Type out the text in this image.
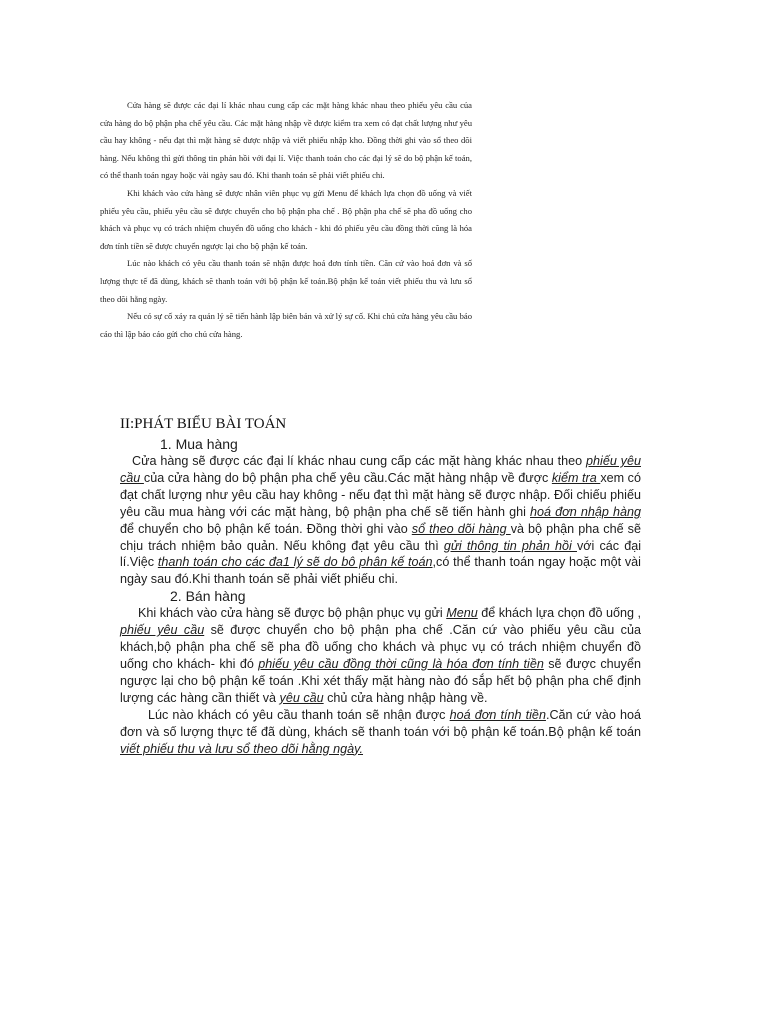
Cửa hàng sẽ được các đại lí khác nhau cung cấp các mặt hàng khác nhau theo phiếu yêu cầu của cửa hàng do bộ phận pha chế yêu cầu. Các mặt hàng nhập về được kiểm tra xem có đạt chất lượng như yêu cầu hay không - nếu đạt thì mặt hàng sẽ được nhập và viết phiếu nhập kho. Đồng thời ghi vào sổ theo dõi hàng. Nếu không thì gửi thông tin phản hồi với đại lí. Việc thanh toán cho các đại lý sẽ do bộ phận kế toán, có thể thanh toán ngay hoặc vài ngày sau đó. Khi thanh toán sẽ phải viết phiếu chi.

Khi khách vào cửa hàng sẽ được nhân viên phục vụ gửi Menu để khách lựa chọn đồ uống và viết phiếu yêu cầu, phiếu yêu cầu sẽ được chuyển cho bộ phận pha chế . Bộ phận pha chế sẽ pha đồ uống cho khách và phục vụ có trách nhiệm chuyển đồ uống cho khách - khi đó phiếu yêu cầu đồng thời cũng là hóa đơn tính tiền sẽ được chuyển ngược lại cho bộ phận kế toán.

Lúc nào khách có yêu cầu thanh toán sẽ nhận được hoá đơn tính tiền. Căn cứ vào hoá đơn và số lượng thực tế đã dùng, khách sẽ thanh toán với bộ phận kế toán.Bộ phận kế toán viết phiếu thu và lưu sổ theo dõi hằng ngày.

Nếu có sự cố xảy ra quản lý sẽ tiến hành lập biên bản và xử lý sự cố. Khi chủ cửa hàng yêu cầu báo cáo thì lập báo cáo gửi cho chủ cửa hàng.

II:PHÁT BIỂU BÀI TOÁN

1. Mua hàng

Cửa hàng sẽ được các đại lí khác nhau cung cấp các mặt hàng khác nhau theo phiếu yêu cầu của cửa hàng do bộ phận pha chế yêu cầu.Các mặt hàng nhập về được kiểm tra xem có đạt chất lượng như yêu cầu hay không - nếu đạt thì mặt hàng sẽ được nhập. Đối chiếu phiếu yêu cầu mua hàng với các mặt hàng, bộ phận pha chế sẽ tiến hành ghi hoá đơn nhập hàng để chuyển cho bộ phận kế toán. Đồng thời ghi vào sổ theo dõi hàng và bộ phận pha chế sẽ chịu trách nhiệm bảo quản. Nếu không đạt yêu cầu thì gửi thông tin phản hồi với các đại lí.Việc thanh toán cho các đạ1 lý sẽ do bộ phận kế toán,có thể thanh toán ngay hoặc một vài ngày sau đó.Khi thanh toán sẽ phải viết phiếu chi.

2. Bán hàng

Khi khách vào cửa hàng sẽ được bộ phận phục vụ gửi Menu để khách lựa chọn đồ uống , phiếu yêu cầu sẽ được chuyển cho bộ phận pha chế .Căn cứ vào phiếu yêu cầu của khách,bộ phận pha chế sẽ pha đồ uống cho khách và phục vụ có trách nhiệm chuyển đồ uống cho khách- khi đó phiếu yêu cầu đồng thời cũng là hóa đơn tính tiền sẽ được chuyển ngược lại cho bộ phận kế toán .Khi xét thấy mặt hàng nào đó sắp hết bộ phận pha chế định lượng các hàng cần thiết và yêu cầu chủ cửa hàng nhập hàng về.

Lúc nào khách có yêu cầu thanh toán sẽ nhận được hoá đơn tính tiền.Căn cứ vào hoá đơn và số lượng thực tế đã dùng, khách sẽ thanh toán với bộ phận kế toán.Bộ phận kế toán viết phiếu thu và lưu sổ theo dõi hằng ngày.
